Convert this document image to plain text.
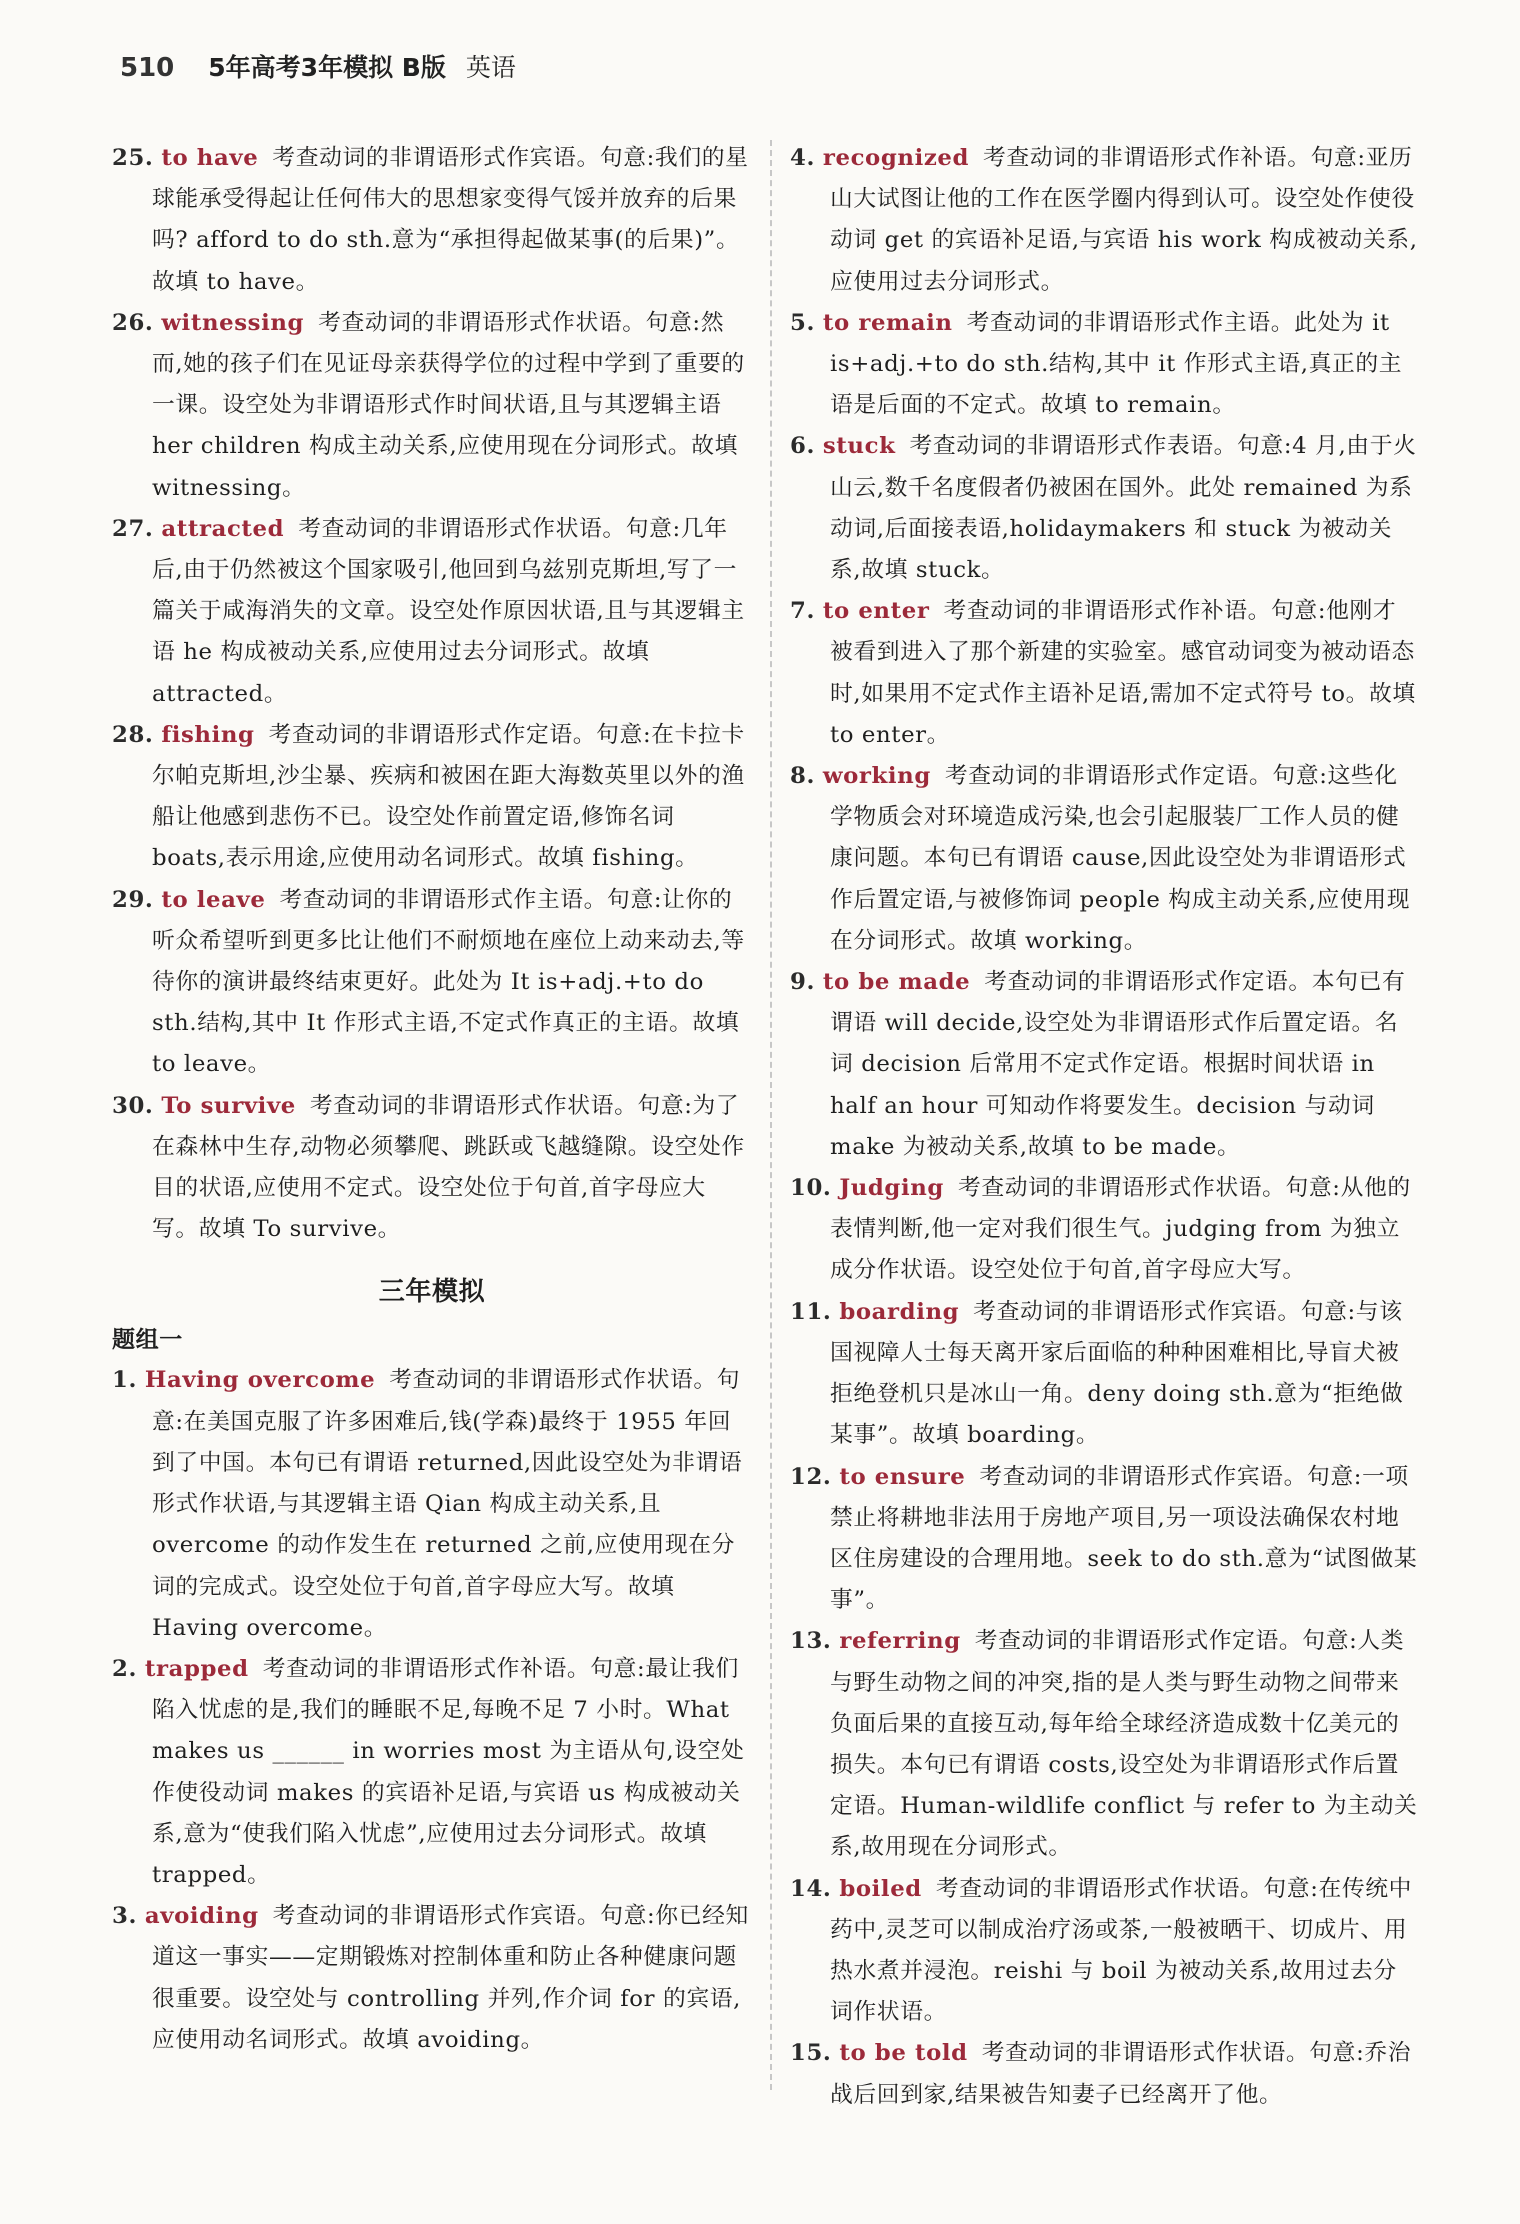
510 5年高考3年模拟 B版 英语

25. to have 考查动词的非谓语形式作宾语。句意:我们的星球能承受得起让任何伟大的思想家变得气馁并放弃的后果吗? afford to do sth.意为“承担得起做某事(的后果)”。故填 to have。

26. witnessing 考查动词的非谓语形式作状语。句意:然而,她的孩子们在见证母亲获得学位的过程中学到了重要的一课。设空处为非谓语形式作时间状语,且与其逻辑主语 her children 构成主动关系,应使用现在分词形式。故填 witnessing。

27. attracted 考查动词的非谓语形式作状语。句意:几年后,由于仍然被这个国家吸引,他回到乌兹别克斯坦,写了一篇关于咸海消失的文章。设空处作原因状语,且与其逻辑主语 he 构成被动关系,应使用过去分词形式。故填 attracted。

28. fishing 考查动词的非谓语形式作定语。句意:在卡拉卡尔帕克斯坦,沙尘暴、疾病和被困在距大海数英里以外的渔船让他感到悲伤不已。设空处作前置定语,修饰名词 boats,表示用途,应使用动名词形式。故填 fishing。

29. to leave 考查动词的非谓语形式作主语。句意:让你的听众希望听到更多比让他们不耐烦地在座位上动来动去,等待你的演讲最终结束更好。此处为 It is+adj.+to do sth.结构,其中 It 作形式主语,不定式作真正的主语。故填 to leave。

30. To survive 考查动词的非谓语形式作状语。句意:为了在森林中生存,动物必须攀爬、跳跃或飞越缝隙。设空处作目的状语,应使用不定式。设空处位于句首,首字母应大写。故填 To survive。

三年模拟
题组一

1. Having overcome 考查动词的非谓语形式作状语。句意:在美国克服了许多困难后,钱(学森)最终于 1955 年回到了中国。本句已有谓语 returned,因此设空处为非谓语形式作状语,与其逻辑主语 Qian 构成主动关系,且 overcome 的动作发生在 returned 之前,应使用现在分词的完成式。设空处位于句首,首字母应大写。故填 Having overcome。

2. trapped 考查动词的非谓语形式作补语。句意:最让我们陷入忧虑的是,我们的睡眠不足,每晚不足 7 小时。What makes us ______ in worries most 为主语从句,设空处作使役动词 makes 的宾语补足语,与宾语 us 构成被动关系,意为“使我们陷入忧虑”,应使用过去分词形式。故填 trapped。

3. avoiding 考查动词的非谓语形式作宾语。句意:你已经知道这一事实——定期锻炼对控制体重和防止各种健康问题很重要。设空处与 controlling 并列,作介词 for 的宾语,应使用动名词形式。故填 avoiding。

4. recognized 考查动词的非谓语形式作补语。句意:亚历山大试图让他的工作在医学圈内得到认可。设空处作使役动词 get 的宾语补足语,与宾语 his work 构成被动关系,应使用过去分词形式。

5. to remain 考查动词的非谓语形式作主语。此处为 it is+adj.+to do sth.结构,其中 it 作形式主语,真正的主语是后面的不定式。故填 to remain。

6. stuck 考查动词的非谓语形式作表语。句意:4 月,由于火山云,数千名度假者仍被困在国外。此处 remained 为系动词,后面接表语,holidaymakers 和 stuck 为被动关系,故填 stuck。

7. to enter 考查动词的非谓语形式作补语。句意:他刚才被看到进入了那个新建的实验室。感官动词变为被动语态时,如果用不定式作主语补足语,需加不定式符号 to。故填 to enter。

8. working 考查动词的非谓语形式作定语。句意:这些化学物质会对环境造成污染,也会引起服装厂工作人员的健康问题。本句已有谓语 cause,因此设空处为非谓语形式作后置定语,与被修饰词 people 构成主动关系,应使用现在分词形式。故填 working。

9. to be made 考查动词的非谓语形式作定语。本句已有谓语 will decide,设空处为非谓语形式作后置定语。名词 decision 后常用不定式作定语。根据时间状语 in half an hour 可知动作将要发生。decision 与动词 make 为被动关系,故填 to be made。

10. Judging 考查动词的非谓语形式作状语。句意:从他的表情判断,他一定对我们很生气。judging from 为独立成分作状语。设空处位于句首,首字母应大写。

11. boarding 考查动词的非谓语形式作宾语。句意:与该国视障人士每天离开家后面临的种种困难相比,导盲犬被拒绝登机只是冰山一角。deny doing sth.意为“拒绝做某事”。故填 boarding。

12. to ensure 考查动词的非谓语形式作宾语。句意:一项禁止将耕地非法用于房地产项目,另一项设法确保农村地区住房建设的合理用地。seek to do sth.意为“试图做某事”。

13. referring 考查动词的非谓语形式作定语。句意:人类与野生动物之间的冲突,指的是人类与野生动物之间带来负面后果的直接互动,每年给全球经济造成数十亿美元的损失。本句已有谓语 costs,设空处为非谓语形式作后置定语。Human-wildlife conflict 与 refer to 为主动关系,故用现在分词形式。

14. boiled 考查动词的非谓语形式作状语。句意:在传统中药中,灵芝可以制成治疗汤或茶,一般被晒干、切成片、用热水煮并浸泡。reishi 与 boil 为被动关系,故用过去分词作状语。

15. to be told 考查动词的非谓语形式作状语。句意:乔治战后回到家,结果被告知妻子已经离开了他。
